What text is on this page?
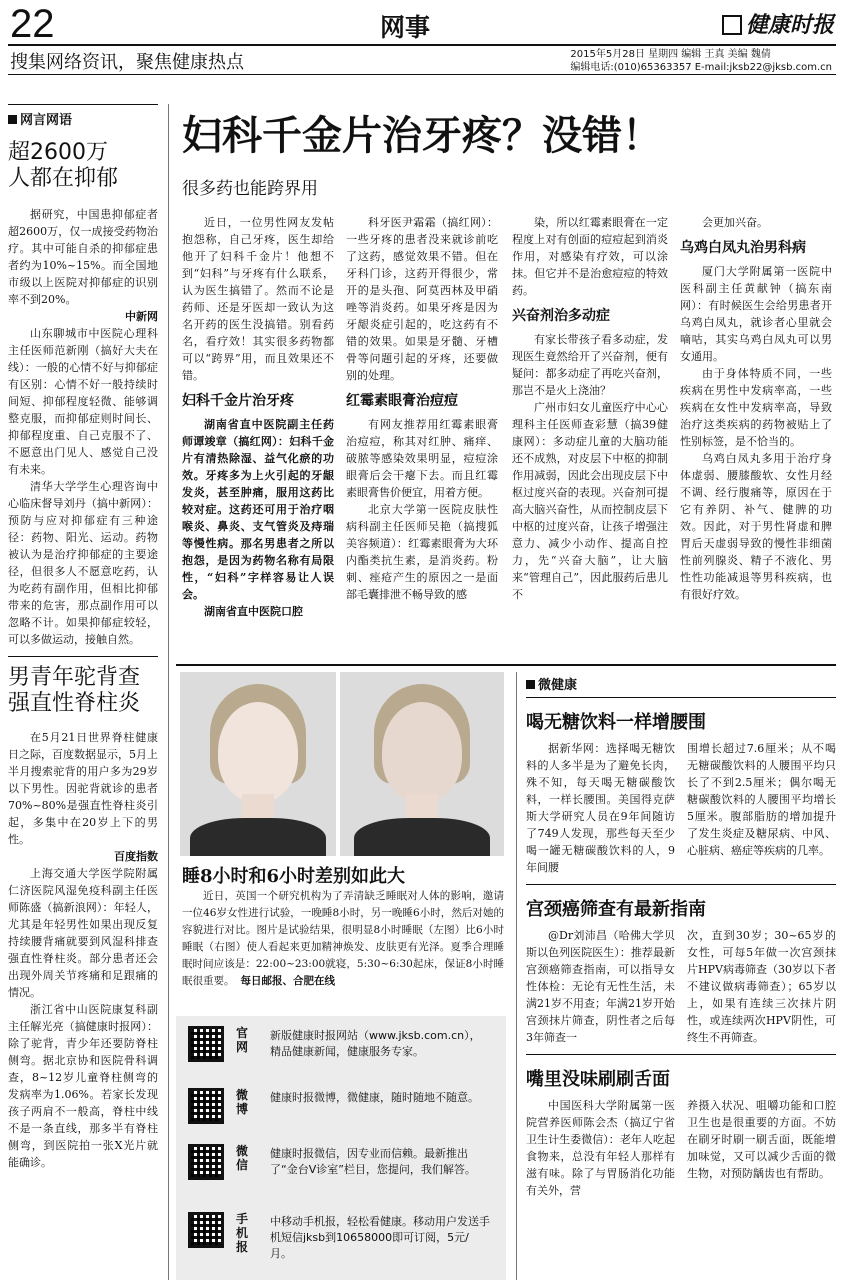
22	网事	健康时报
搜集网络资讯，聚焦健康热点	2015年5月28日 星期四 编辑 王真 美编 魏倩
编辑电话:(010)65363357 E-mail:jksb22@jksb.com.cn
网言网语
超2600万人都在抑郁

据研究，中国患抑郁症者超2600万，仅一成接受药物治疗。其中可能自杀的抑郁症患者约为10%~15%。而全国地市级以上医院对抑郁症的识别率不到20%。

中新网

山东聊城市中医院心理科主任医师范新刚（搞好大夫在线）：一般的心情不好与抑郁症有区别：心情不好一般持续时间短、抑郁程度轻微、能够调整克服，而抑郁症则时间长、抑郁程度重、自己克服不了、不愿意出门见人、感觉自己没有未来。

清华大学学生心理咨询中心临床督导刘丹（搞中新网）：预防与应对抑郁症有三种途径：药物、阳光、运动。药物被认为是治疗抑郁症的主要途径，但很多人不愿意吃药，认为吃药有副作用，但相比抑郁带来的危害，那点副作用可以忽略不计。如果抑郁症较轻，可以多做运动，接触自然。

男青年驼背查强直性脊柱炎

在5月21日世界脊柱健康日之际，百度数据显示，5月上半月搜索驼背的用户多为29岁以下男性。因驼背就诊的患者70%~80%是强直性脊柱炎引起，多集中在20岁上下的男性。

百度指数

上海交通大学医学院附属仁济医院风湿免疫科副主任医师陈盛（搞新浪网）：年轻人，尤其是年轻男性如果出现反复持续腰背痛就要到风湿科排查强直性脊柱炎。部分患者还会出现外周关节疼痛和足跟痛的情况。

浙江省中山医院康复科副主任解光亮（搞健康时报网）：除了驼背，青少年还要防脊柱侧弯。据北京协和医院骨科调查，8~12岁儿童脊柱侧弯的发病率为1.06%。若家长发现孩子两肩不一般高，脊柱中线不是一条直线，那多半有脊柱侧弯，到医院拍一张X光片就能确诊。

妇科千金片治牙疼？没错！
很多药也能跨界用

近日，一位男性网友发帖抱怨称，自己牙疼，医生却给他开了妇科千金片！他想不到“妇科”与牙疼有什么联系，认为医生搞错了。然而不论是药师、还是牙医却一致认为这名开药的医生没搞错。别看药名，看疗效！其实很多药物都可以“跨界”用，而且效果还不错。

妇科千金片治牙疼

湖南省直中医院副主任药师谭竣章（搞红网）：妇科千金片有清热除湿、益气化瘀的功效。牙疼多为上火引起的牙龈发炎，甚至肿痛，服用这药比较对症。这药还可用于治疗咽喉炎、鼻炎、支气管炎及痔瑞等慢性病。那名男患者之所以抱怨，是因为药物名称有局限性，“妇科”字样容易让人误会。

湖南省直中医院口腔

科牙医尹霜霜（搞红网）：一些牙疼的患者没来就诊前吃了这药，感觉效果不错。但在牙科门诊，这药开得很少，常开的是头孢、阿莫西林及甲硝唑等消炎药。如果牙疼是因为牙龈炎症引起的，吃这药有不错的效果。如果是牙髓、牙槽骨等问题引起的牙疼，还要做别的处理。

红霉素眼膏治痘痘

有网友推荐用红霉素眼膏治痘痘，称其对红肿、痛痒、破脓等感染效果明显，痘痘涂眼膏后会干瘪下去。而且红霉素眼膏售价便宜，用着方便。

北京大学第一医院皮肤性病科副主任医师吴艳（搞搜狐美容频道）：红霉素眼膏为大环内酯类抗生素，是消炎药。粉刺、痤疮产生的原因之一是面部毛囊排泄不畅导致的感

染，所以红霉素眼膏在一定程度上对有创面的痘痘起到消炎作用，对感染有疗效，可以涂抹。但它并不是治愈痘痘的特效药。

兴奋剂治多动症

有家长带孩子看多动症，发现医生竟然给开了兴奋剂，便有疑问：都多动症了再吃兴奋剂，那岂不是火上浇油？

广州市妇女儿童医疗中心心理科主任医师查彩慧（搞39健康网）：多动症儿童的大脑功能还不成熟，对皮层下中枢的抑制作用减弱，因此会出现皮层下中枢过度兴奋的表现。兴奋剂可提高大脑兴奋性，从而控制皮层下中枢的过度兴奋，让孩子增强注意力、减少小动作、提高自控力，先“兴奋大脑”，让大脑来“管理自己”，因此服药后患儿不

会更加兴奋。

乌鸡白凤丸治男科病

厦门大学附属第一医院中医科副主任黄献钟（搞东南网）：有时候医生会给男患者开乌鸡白凤丸，就诊者心里就会嘀咕，其实乌鸡白凤丸可以男女通用。

由于身体特质不同，一些疾病在男性中发病率高，一些疾病在女性中发病率高，导致治疗这类疾病的药物被贴上了性别标签，是不恰当的。

乌鸡白凤丸多用于治疗身体虚弱、腰膝酸软、女性月经不调、经行腹痛等，原因在于它有养阴、补气、健脾的功效。因此，对于男性肾虚和脾胃后天虚弱导致的慢性非细菌性前列腺炎、精子不液化、男性性功能减退等男科疾病，也有很好疗效。

睡8小时和6小时差别如此大

近日，英国一个研究机构为了弄清缺乏睡眠对人体的影响，邀请一位46岁女性进行试验，一晚睡8小时，另一晚睡6小时，然后对她的容貌进行对比。图片是试验结果，很明显8小时睡眠（左图）比6小时睡眠（右图）使人看起来更加精神焕发、皮肤更有光泽。夏季合理睡眠时间应该是：22:00~23:00就寝，5:30~6:30起床，保证8小时睡眠很重要。 每日邮报、合肥在线

官网
新版健康时报网站（www.jksb.com.cn），精品健康新闻，健康服务专家。
微博
健康时报微博，微健康，随时随地不随意。
微信
健康时报微信，因专业而信赖。最新推出了“金台V诊室”栏目，您提问，我们解答。
手机报
中移动手机报，轻松看健康。移动用户发送手机短信jksb到10658000即可订阅，5元/月。
微健康
喝无糖饮料一样增腰围

据新华网：选择喝无糖饮料的人多半是为了避免长肉，殊不知，每天喝无糖碳酸饮料，一样长腰围。美国得克萨斯大学研究人员在9年间随访了749人发现，那些每天至少喝一罐无糖碳酸饮料的人，9年间腰

围增长超过7.6厘米；从不喝无糖碳酸饮料的人腰围平均只长了不到2.5厘米；偶尔喝无糖碳酸饮料的人腰围平均增长5厘米。腹部脂肪的增加提升了发生炎症及糖尿病、中风、心脏病、癌症等疾病的几率。

宫颈癌筛查有最新指南

@Dr刘沛昌（哈佛大学贝斯以色列医院医生）：推荐最新宫颈癌筛查指南，可以指导女性体检：无论有无性生活，未满21岁不用查；年满21岁开始宫颈抹片筛查，阴性者之后每3年筛查一

次，直到30岁；30~65岁的女性，可每5年做一次宫颈抹片HPV病毒筛查（30岁以下者不建议做病毒筛查）；65岁以上，如果有连续三次抹片阴性，或连续两次HPV阴性，可终生不再筛查。

嘴里没味刷刷舌面

中国医科大学附属第一医院营养医师陈会杰（搞辽宁省卫生计生委微信）：老年人吃起食物来，总没有年轻人那样有滋有味。除了与胃肠消化功能有关外，营

养摄入状况、咀嚼功能和口腔卫生也是很重要的方面。不妨在刷牙时刷一刷舌面，既能增加味觉，又可以减少舌面的微生物，对预防龋齿也有帮助。
